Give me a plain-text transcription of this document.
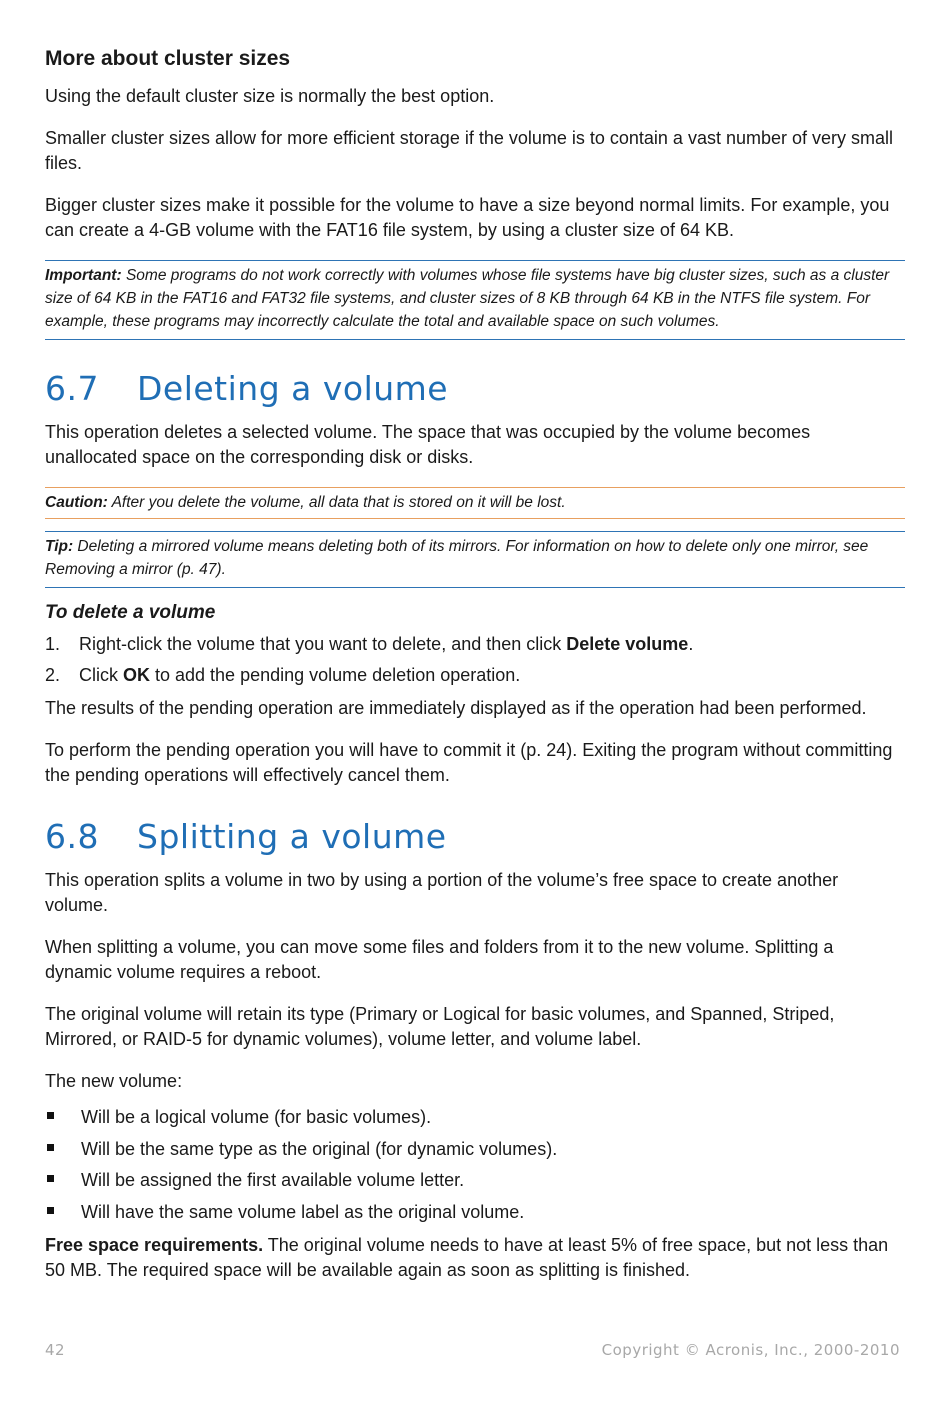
More about cluster sizes

Using the default cluster size is normally the best option.

Smaller cluster sizes allow for more efficient storage if the volume is to contain a vast number of very small files.

Bigger cluster sizes make it possible for the volume to have a size beyond normal limits. For example, you can create a 4-GB volume with the FAT16 file system, by using a cluster size of 64 KB.

Important: Some programs do not work correctly with volumes whose file systems have big cluster sizes, such as a cluster size of 64 KB in the FAT16 and FAT32 file systems, and cluster sizes of 8 KB through 64 KB in the NTFS file system. For example, these programs may incorrectly calculate the total and available space on such volumes.

6.7 Deleting a volume

This operation deletes a selected volume. The space that was occupied by the volume becomes unallocated space on the corresponding disk or disks.

Caution: After you delete the volume, all data that is stored on it will be lost.

Tip: Deleting a mirrored volume means deleting both of its mirrors. For information on how to delete only one mirror, see Removing a mirror (p. 47).

To delete a volume
1.	Right-click the volume that you want to delete, and then click Delete volume.
2.	Click OK to add the pending volume deletion operation.

The results of the pending operation are immediately displayed as if the operation had been performed.

To perform the pending operation you will have to commit it (p. 24). Exiting the program without committing the pending operations will effectively cancel them.

6.8 Splitting a volume

This operation splits a volume in two by using a portion of the volume’s free space to create another volume.

When splitting a volume, you can move some files and folders from it to the new volume. Splitting a dynamic volume requires a reboot.

The original volume will retain its type (Primary or Logical for basic volumes, and Spanned, Striped, Mirrored, or RAID-5 for dynamic volumes), volume letter, and volume label.

The new volume:

Will be a logical volume (for basic volumes).
Will be the same type as the original (for dynamic volumes).
Will be assigned the first available volume letter.
Will have the same volume label as the original volume.

Free space requirements. The original volume needs to have at least 5% of free space, but not less than 50 MB. The required space will be available again as soon as splitting is finished.

42	Copyright © Acronis, Inc., 2000-2010
